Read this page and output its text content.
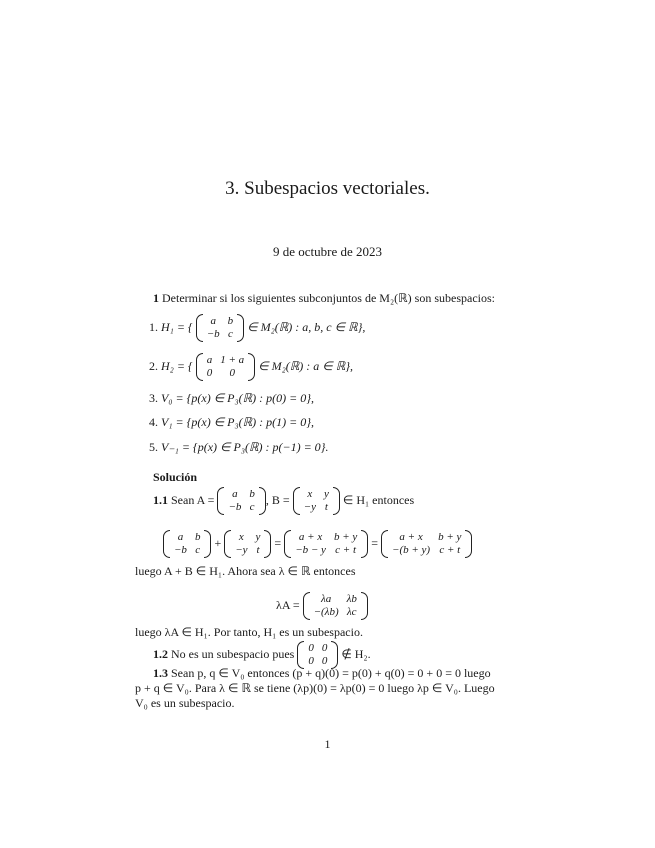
3. Subespacios vectoriales.
9 de octubre de 2023
1 Determinar si los siguientes subconjuntos de M₂(ℝ) son subespacios:
1. H₁ = { a	b
−b	c
∈ M₂(ℝ) : a, b, c ∈ ℝ},
2. H₂ = { a	1 + a
0	0
∈ M₂(ℝ) : a ∈ ℝ},
3. V₀ = {p(x) ∈ P₃(ℝ) : p(0) = 0},
4. V₁ = {p(x) ∈ P₃(ℝ) : p(1) = 0},
5. V₋₁ = {p(x) ∈ P₃(ℝ) : p(−1) = 0}.
Solución
1.1 Sean A = a	b
−b	c
, B = x	y
−y	t
∈ H₁ entonces
a	b
−b	c
+ x	y
−y	t
= a + x	b + y
−b − y	c + t
= a + x	b + y
−(b + y)	c + t
luego A + B ∈ H₁. Ahora sea λ ∈ ℝ entonces
λA = λa	λb
−(λb)	λc
luego λA ∈ H₁. Por tanto, H₁ es un subespacio.
1.2 No es un subespacio pues 0	0
0	0
∉ H₂.
1.3 Sean p, q ∈ V₀ entonces (p + q)(0) = p(0) + q(0) = 0 + 0 = 0 luego
p + q ∈ V₀. Para λ ∈ ℝ se tiene (λp)(0) = λp(0) = 0 luego λp ∈ V₀. Luego
V₀ es un subespacio.
1
